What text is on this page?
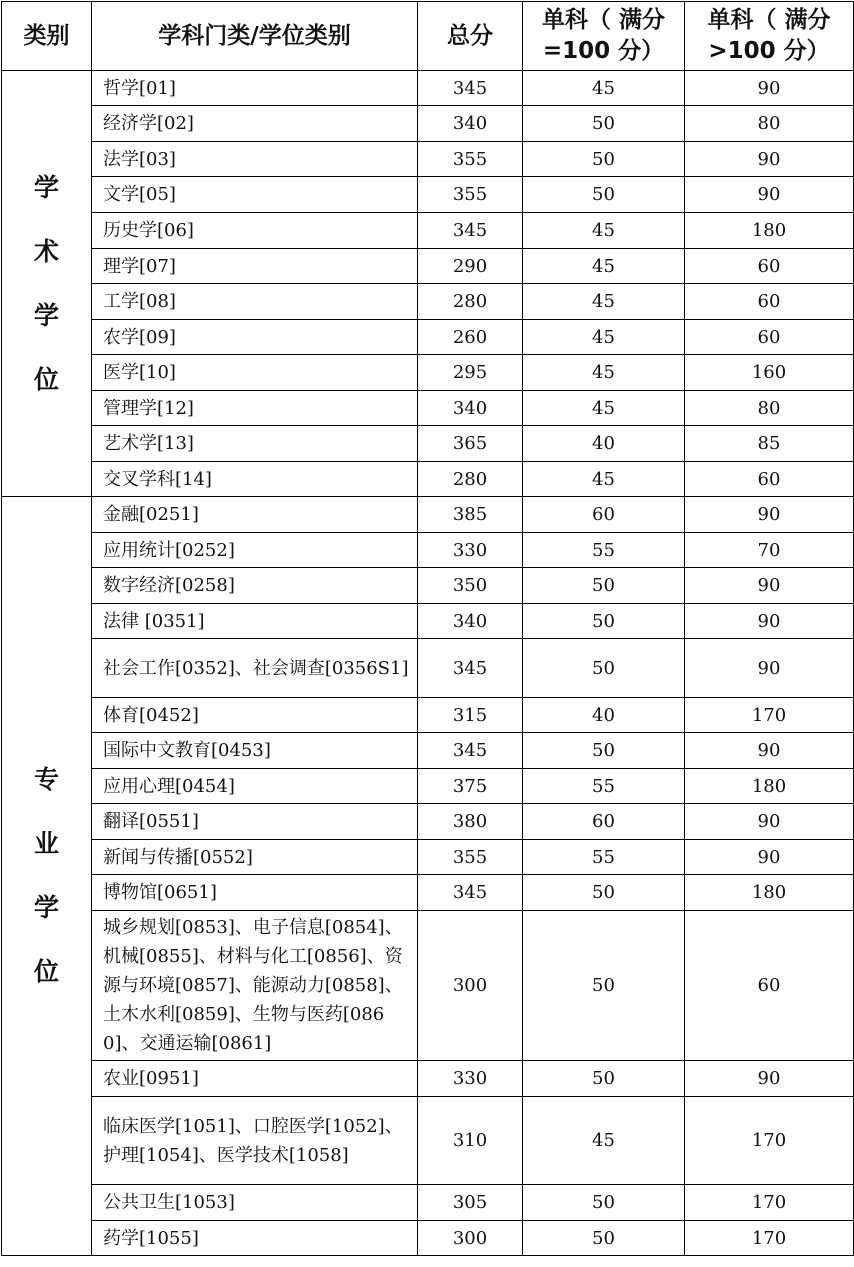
类别	学科门类/学位类别	总分	单科（ 满分=100 分）	单科（ 满分>100 分）

学
术
学
位	哲学[01]	345	45	90
	经济学[02]	340	50	80
	法学[03]	355	50	90
	文学[05]	355	50	90
	历史学[06]	345	45	180
	理学[07]	290	45	60
	工学[08]	280	45	60
	农学[09]	260	45	60
	医学[10]	295	45	160
	管理学[12]	340	45	80
	艺术学[13]	365	40	85
	交叉学科[14]	280	45	60

专
业
学
位	金融[0251]	385	60	90
	应用统计[0252]	330	55	70
	数字经济[0258]	350	50	90
	法律 [0351]	340	50	90
	社会工作[0352]、社会调查[0356S1]	345	50	90
	体育[0452]	315	40	170
	国际中文教育[0453]	345	50	90
	应用心理[0454]	375	55	180
	翻译[0551]	380	60	90
	新闻与传播[0552]	355	55	90
	博物馆[0651]	345	50	180
	城乡规划[0853]、电子信息[0854]、机械[0855]、材料与化工[0856]、资源与环境[0857]、能源动力[0858]、土木水利[0859]、生物与医药[0860]、交通运输[0861]	300	50	60
	农业[0951]	330	50	90
	临床医学[1051]、口腔医学[1052]、护理[1054]、医学技术[1058]	310	45	170
	公共卫生[1053]	305	50	170
	药学[1055]	300	50	170
